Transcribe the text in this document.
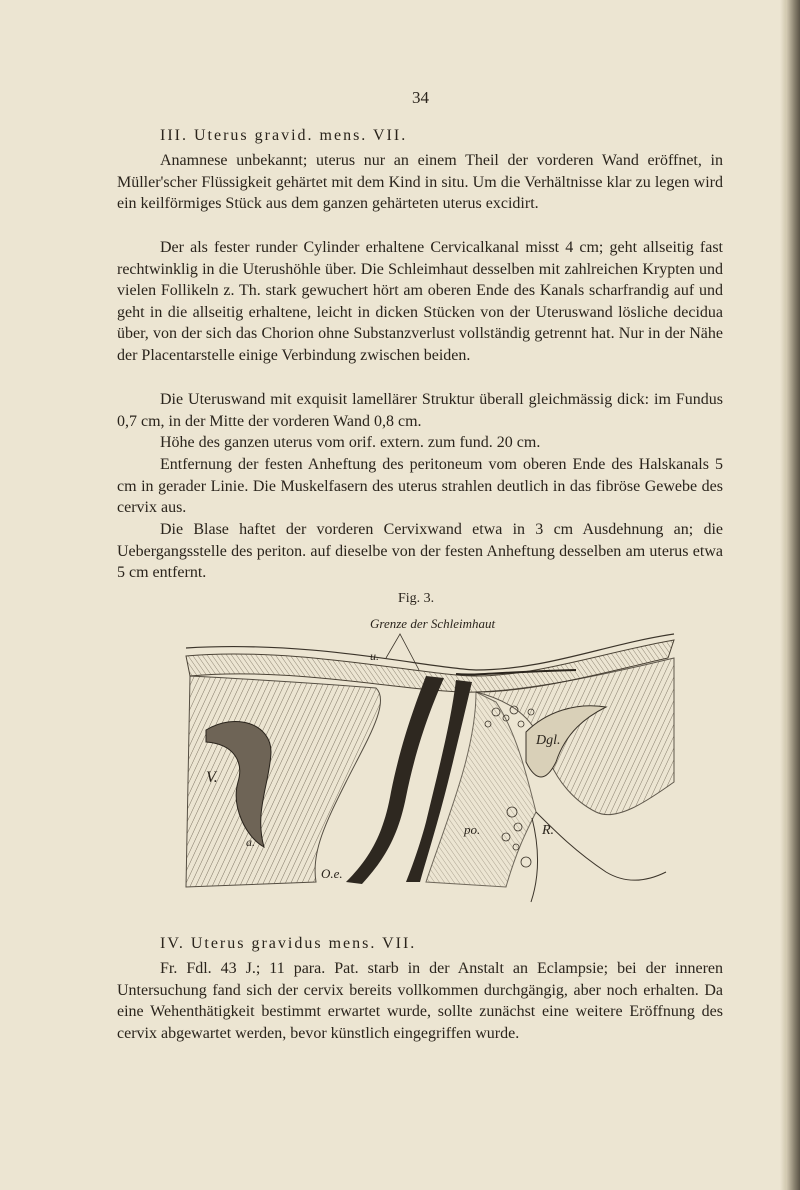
34
III. Uterus gravid. mens. VII.

Anamnese unbekannt; uterus nur an einem Theil der vorderen Wand eröffnet, in Müller'scher Flüssigkeit gehärtet mit dem Kind in situ. Um die Verhältnisse klar zu legen wird ein keilförmiges Stück aus dem ganzen gehärteten uterus excidirt.

Der als fester runder Cylinder erhaltene Cervicalkanal misst 4 cm; geht allseitig fast rechtwinklig in die Uterushöhle über. Die Schleimhaut desselben mit zahlreichen Krypten und vielen Follikeln z. Th. stark gewuchert hört am oberen Ende des Kanals scharfrandig auf und geht in die allseitig erhaltene, leicht in dicken Stücken von der Uteruswand lösliche decidua über, von der sich das Chorion ohne Substanzverlust vollständig getrennt hat. Nur in der Nähe der Placentarstelle einige Verbindung zwischen beiden.

Die Uteruswand mit exquisit lamellärer Struktur überall gleichmässig dick: im Fundus 0,7 cm, in der Mitte der vorderen Wand 0,8 cm.

Höhe des ganzen uterus vom orif. extern. zum fund. 20 cm.

Entfernung der festen Anheftung des peritoneum vom oberen Ende des Halskanals 5 cm in gerader Linie. Die Muskelfasern des uterus strahlen deutlich in das fibröse Gewebe des cervix aus.

Die Blase haftet der vorderen Cervixwand etwa in 3 cm Ausdehnung an; die Uebergangsstelle des periton. auf dieselbe von der festen Anheftung desselben am uterus etwa 5 cm entfernt.

Fig. 3.
Grenze der Schleimhaut
u.
Dgl.
V.
po.	R.
a.
O.e.
IV. Uterus gravidus mens. VII.

Fr. Fdl. 43 J.; 11 para. Pat. starb in der Anstalt an Eclampsie; bei der inneren Untersuchung fand sich der cervix bereits vollkommen durchgängig, aber noch erhalten. Da eine Wehenthätigkeit bestimmt erwartet wurde, sollte zunächst eine weitere Eröffnung des cervix abgewartet werden, bevor künstlich eingegriffen wurde.
